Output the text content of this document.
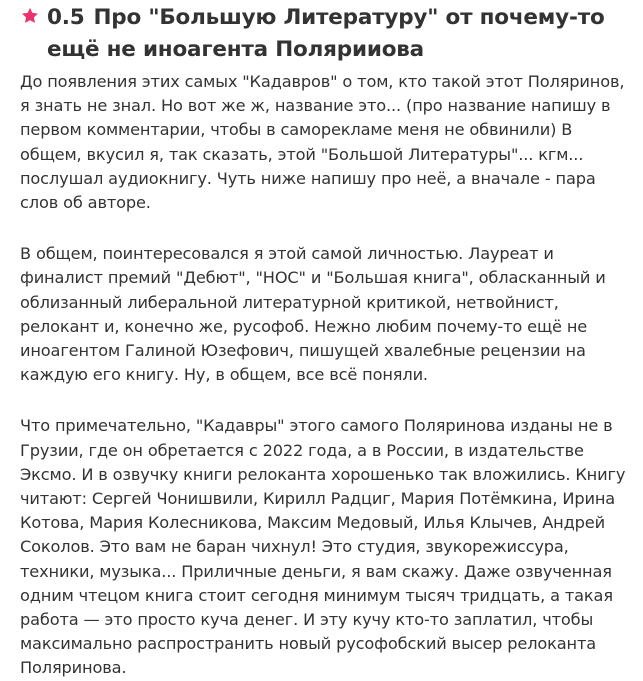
0.5 Про "Большую Литературу" от почему-то ещё не иноагента Полярииова

До появления этих самых "Кадавров" о том, кто такой этот Поляринов, я знать не знал. Но вот же ж, название это... (про название напишу в первом комментарии, чтобы в саморекламе меня не обвинили) В общем, вкусил я, так сказать, этой "Большой Литературы"... кгм... послушал аудиокнигу. Чуть ниже напишу про неё, а вначале - пара слов об авторе.

В общем, поинтересовался я этой самой личностью. Лауреат и финалист премий "Дебют", "НОС" и "Большая книга", обласканный и облизанный либеральной литературной критикой, нетвойнист, релокант и, конечно же, русофоб. Нежно любим почему-то ещё не иноагентом Галиной Юзефович, пишущей хвалебные рецензии на каждую его книгу. Ну, в общем, все всё поняли.

Что примечательно, "Кадавры" этого самого Поляринова изданы не в Грузии, где он обретается с 2022 года, а в России, в издательстве Эксмо. И в озвучку книги релоканта хорошенько так вложились. Книгу читают: Сергей Чонишвили, Кирилл Радциг, Мария Потёмкина, Ирина Котова, Мария Колесникова, Максим Медовый, Илья Клычев, Андрей Соколов. Это вам не баран чихнул! Это студия, звукорежиссура, техники, музыка... Приличные деньги, я вам скажу. Даже озвученная одним чтецом книга стоит сегодня минимум тысяч тридцать, а такая работа — это просто куча денег. И эту кучу кто-то заплатил, чтобы максимально распространить новый русофобский высер релоканта Поляринова.
